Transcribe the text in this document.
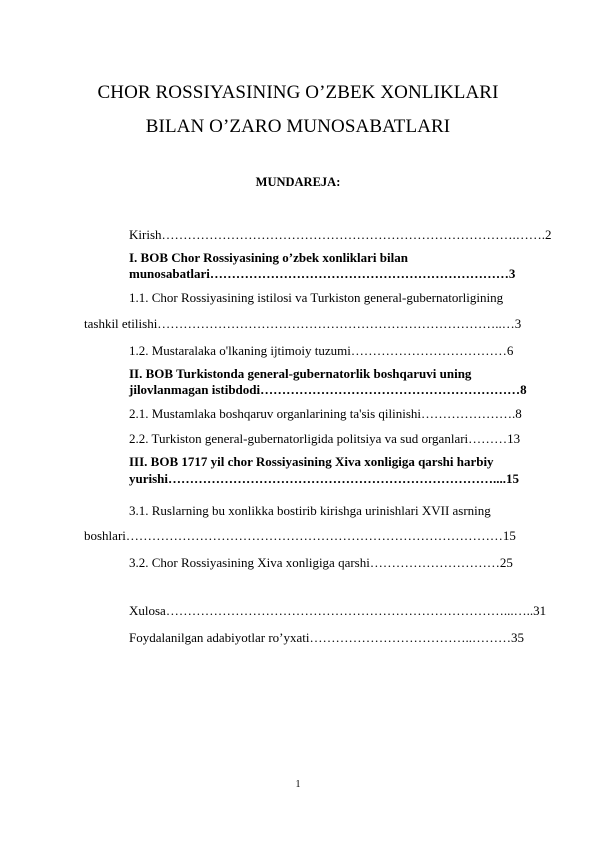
CHOR ROSSIYASINING O’ZBEK XONLIKLARI
BILAN O’ZARO MUNOSABATLARI
MUNDAREJA:
Kirish……………………………………………………………………….…….2
I. BOB Chor Rossiyasining o’zbek xonliklari bilan
munosabatlari……………………………………………………………3
1.1. Chor Rossiyasining istilosi va Turkiston general-gubernatorligining
tashkil etilishi……………………………………………………………………..…3
1.2. Mustaralaka o'lkaning ijtimoiy tuzumi………………………………6
II. BOB Turkistonda general-gubernatorlik boshqaruvi uning
jilovlanmagan istibdodi……………………………………………………8
2.1. Mustamlaka boshqaruv organlarining ta'sis qilinishi………………….8
2.2. Turkiston general-gubernatorligida politsiya va sud organlari………13
III. BOB 1717 yil chor Rossiyasining Xiva xonligiga qarshi harbiy
yurishi…………………………………………………………………....15
3.1. Ruslarning bu xonlikka bostirib kirishga urinishlari XVII asrning
boshlari……………………………………………………………………………15
3.2. Chor Rossiyasining Xiva xonligiga qarshi…………………………25
Xulosa……………………………………………………………………...…..31
Foydalanilgan adabiyotlar ro’yxati………………………………..………35
1
